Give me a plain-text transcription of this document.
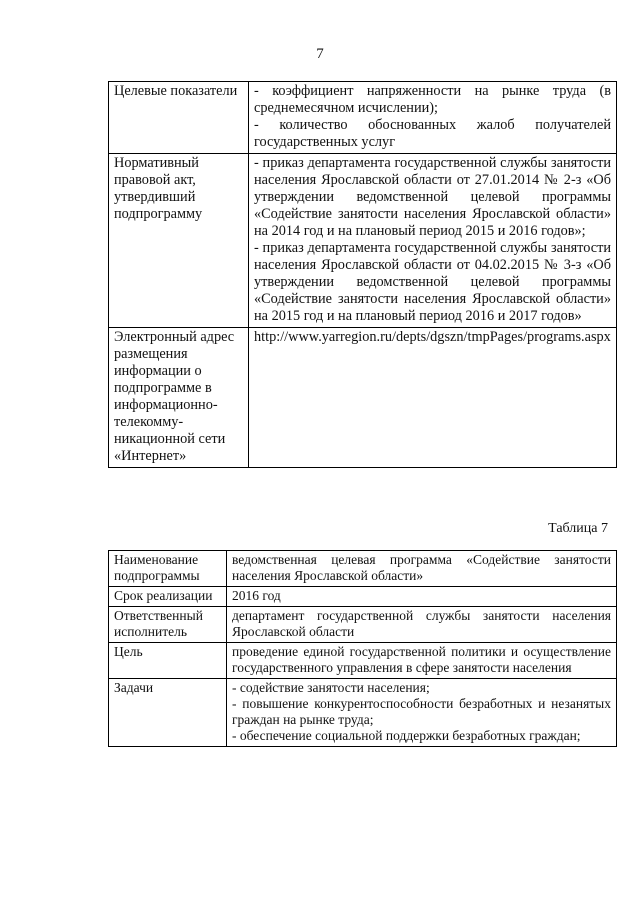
7
Целевые показатели	- коэффициент напряженности на рынке труда (в среднемесячном исчислении);
- количество обоснованных жалоб получателей государственных услуг

Нормативный правовой акт, утвердивший подпрограмму	- приказ департамента государственной службы занятости населения Ярославской области от 27.01.2014 № 2-з «Об утверждении ведомственной целевой программы «Содействие занятости населения Ярославской области» на 2014 год и на плановый период 2015 и 2016 годов»;
- приказ департамента государственной службы занятости населения Ярославской области от 04.02.2015 № 3-з «Об утверждении ведомственной целевой программы «Содействие занятости населения Ярославской области» на 2015 год и на плановый период 2016 и 2017 годов»

Электронный адрес размещения информации о подпрограмме в информационно-телекомму-никационной сети «Интернет»	http://www.yarregion.ru/depts/dgszn/tmpPages/programs.aspx
Таблица 7
Наименование подпрограммы	ведомственная целевая программа «Содействие занятости населения Ярославской области»

Срок реализации	2016 год

Ответственный исполнитель	департамент государственной службы занятости населения Ярославской области

Цель	проведение единой государственной политики и осуществление государственного управления в сфере занятости населения

Задачи	- содействие занятости населения;
- повышение конкурентоспособности безработных и незанятых граждан на рынке труда;
- обеспечение социальной поддержки безработных граждан;
